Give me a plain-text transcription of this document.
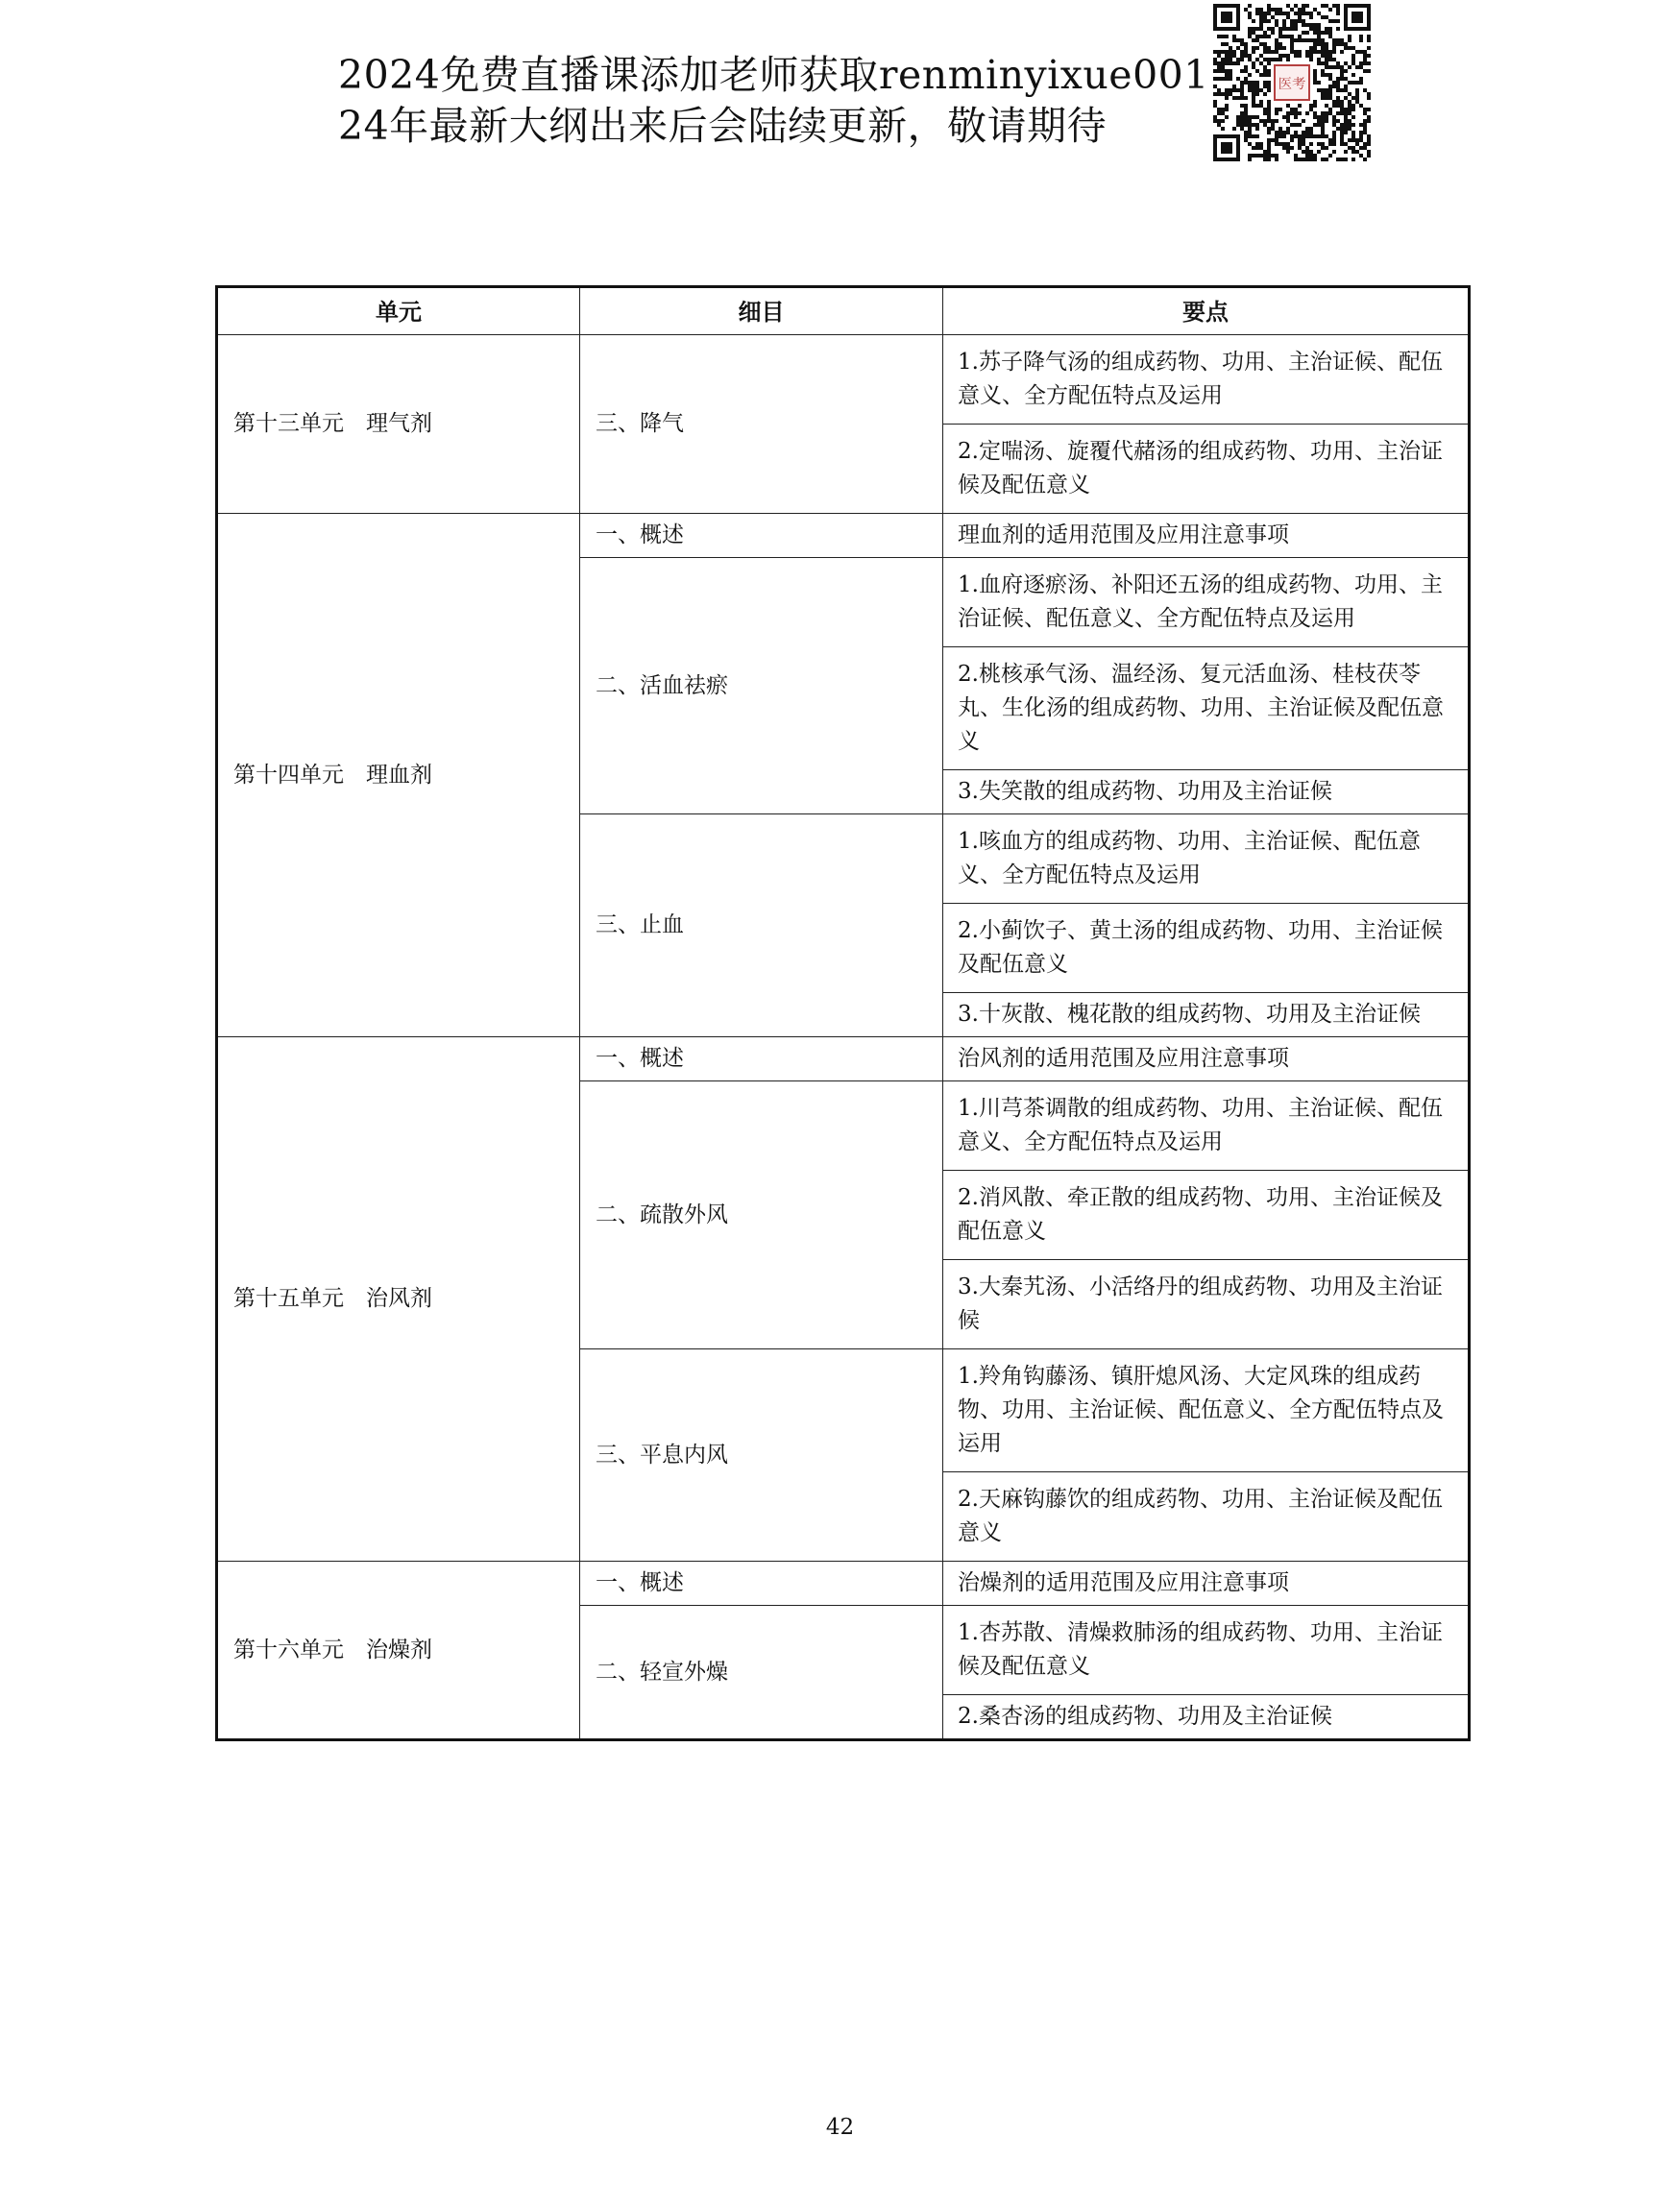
2024免费直播课添加老师获取renminyixue001
24年最新大纲出来后会陆续更新，敬请期待
医考
单元	细目	要点
第十三单元　理气剂	三、降气	1.苏子降气汤的组成药物、功用、主治证候、配伍意义、全方配伍特点及运用
		2.定喘汤、旋覆代赭汤的组成药物、功用、主治证候及配伍意义
第十四单元　理血剂	一、概述	理血剂的适用范围及应用注意事项
	二、活血祛瘀	1.血府逐瘀汤、补阳还五汤的组成药物、功用、主治证候、配伍意义、全方配伍特点及运用
		2.桃核承气汤、温经汤、复元活血汤、桂枝茯苓丸、生化汤的组成药物、功用、主治证候及配伍意义
		3.失笑散的组成药物、功用及主治证候
	三、止血	1.咳血方的组成药物、功用、主治证候、配伍意义、全方配伍特点及运用
		2.小蓟饮子、黄土汤的组成药物、功用、主治证候及配伍意义
		3.十灰散、槐花散的组成药物、功用及主治证候
第十五单元　治风剂	一、概述	治风剂的适用范围及应用注意事项
	二、疏散外风	1.川芎茶调散的组成药物、功用、主治证候、配伍意义、全方配伍特点及运用
		2.消风散、牵正散的组成药物、功用、主治证候及配伍意义
		3.大秦艽汤、小活络丹的组成药物、功用及主治证候
	三、平息内风	1.羚角钩藤汤、镇肝熄风汤、大定风珠的组成药物、功用、主治证候、配伍意义、全方配伍特点及运用
		2.天麻钩藤饮的组成药物、功用、主治证候及配伍意义
第十六单元　治燥剂	一、概述	治燥剂的适用范围及应用注意事项
	二、轻宣外燥	1.杏苏散、清燥救肺汤的组成药物、功用、主治证候及配伍意义
		2.桑杏汤的组成药物、功用及主治证候
42
